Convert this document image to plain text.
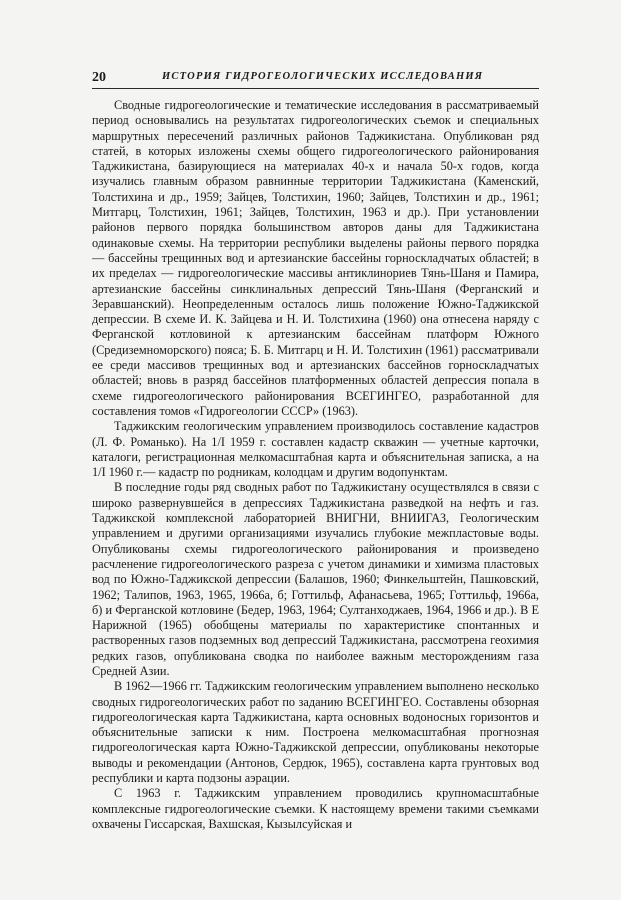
20	ИСТОРИЯ ГИДРОГЕОЛОГИЧЕСКИХ ИССЛЕДОВАНИЯ

Сводные гидрогеологические и тематические исследования в рассматриваемый период основывались на результатах гидрогеологических съемок и специальных маршрутных пересечений различных районов Таджикистана. Опубликован ряд статей, в которых изложены схемы общего гидрогеологического районирования Таджикистана, базирующиеся на материалах 40-х и начала 50-х годов, когда изучались главным образом равнинные территории Таджикистана (Каменский, Толстихина и др., 1959; Зайцев, Толстихин, 1960; Зайцев, Толстихин и др., 1961; Митгарц, Толстихин, 1961; Зайцев, Толстихин, 1963 и др.). При установлении районов первого порядка большинством авторов даны для Таджикистана одинаковые схемы. На территории республики выделены районы первого порядка — бассейны трещинных вод и артезианские бассейны горноскладчатых областей; в их пределах — гидрогеологические массивы антиклинориев Тянь-Шаня и Памира, артезианские бассейны синклинальных депрессий Тянь-Шаня (Ферганский и Зеравшанский). Неопределенным осталось лишь положение Южно-Таджикской депрессии. В схеме И. К. Зайцева и Н. И. Толстихина (1960) она отнесена наряду с Ферганской котловиной к артезианским бассейнам платформ Южного (Средиземноморского) пояса; Б. Б. Митгарц и Н. И. Толстихин (1961) рассматривали ее среди массивов трещинных вод и артезианских бассейнов горноскладчатых областей; вновь в разряд бассейнов платформенных областей депрессия попала в схеме гидрогеологического районирования ВСЕГИНГЕО, разработанной для составления томов «Гидрогеологии СССР» (1963).

Таджикским геологическим управлением производилось составление кадастров (Л. Ф. Романько). На 1/I 1959 г. составлен кадастр скважин — учетные карточки, каталоги, регистрационная мелкомасштабная карта и объяснительная записка, а на 1/I 1960 г.— кадастр по родникам, колодцам и другим водопунктам.

В последние годы ряд сводных работ по Таджикистану осуществлялся в связи с широко развернувшейся в депрессиях Таджикистана разведкой на нефть и газ. Таджикской комплексной лабораторией ВНИГНИ, ВНИИГАЗ, Геологическим управлением и другими организациями изучались глубокие межпластовые воды. Опубликованы схемы гидрогеологического районирования и произведено расчленение гидрогеологического разреза с учетом динамики и химизма пластовых вод по Южно-Таджикской депрессии (Балашов, 1960; Финкельштейн, Пашковский, 1962; Талипов, 1963, 1965, 1966а, б; Готтильф, Афанасьева, 1965; Готтильф, 1966а, б) и Ферганской котловине (Бедер, 1963, 1964; Султанходжаев, 1964, 1966 и др.). В Е Нарижной (1965) обобщены материалы по характеристике спонтанных и растворенных газов подземных вод депрессий Таджикистана, рассмотрена геохимия редких газов, опубликована сводка по наиболее важным месторождениям газа Средней Азии.

В 1962—1966 гг. Таджикским геологическим управлением выполнено несколько сводных гидрогеологических работ по заданию ВСЕГИНГЕО. Составлены обзорная гидрогеологическая карта Таджикистана, карта основных водоносных горизонтов и объяснительные записки к ним. Построена мелкомасштабная прогнозная гидрогеологическая карта Южно-Таджикской депрессии, опубликованы некоторые выводы и рекомендации (Антонов, Сердюк, 1965), составлена карта грунтовых вод республики и карта подзоны аэрации.

С 1963 г. Таджикским управлением проводились крупномасштабные комплексные гидрогеологические съемки. К настоящему времени такими съемками охвачены Гиссарская, Вахшская, Кызылсуйская и
